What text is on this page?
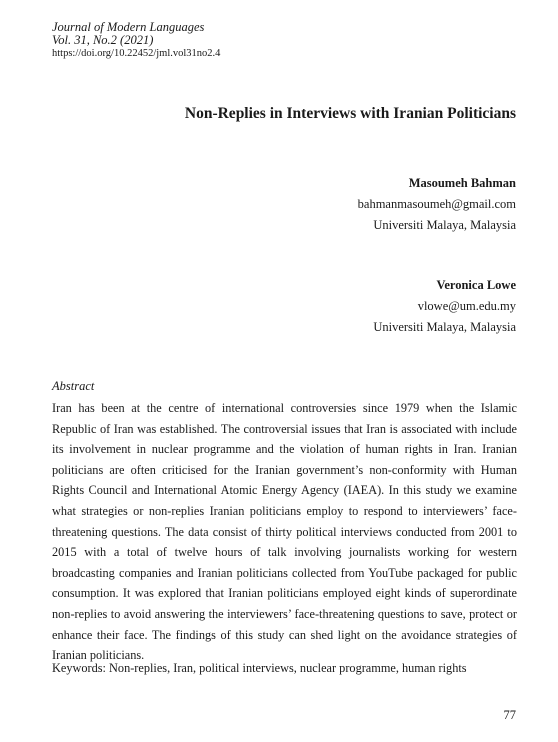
Journal of Modern Languages
Vol. 31, No.2 (2021)
https://doi.org/10.22452/jml.vol31no2.4
Non-Replies in Interviews with Iranian Politicians
Masoumeh Bahman
bahmanmasoumeh@gmail.com
Universiti Malaya, Malaysia
Veronica Lowe
vlowe@um.edu.my
Universiti Malaya, Malaysia
Abstract
Iran has been at the centre of international controversies since 1979 when the Islamic Republic of Iran was established. The controversial issues that Iran is associated with include its involvement in nuclear programme and the violation of human rights in Iran. Iranian politicians are often criticised for the Iranian government’s non-conformity with Human Rights Council and International Atomic Energy Agency (IAEA). In this study we examine what strategies or non-replies Iranian politicians employ to respond to interviewers’ face-threatening questions. The data consist of thirty political interviews conducted from 2001 to 2015 with a total of twelve hours of talk involving journalists working for western broadcasting companies and Iranian politicians collected from YouTube packaged for public consumption. It was explored that Iranian politicians employed eight kinds of superordinate non-replies to avoid answering the interviewers’ face-threatening questions to save, protect or enhance their face. The findings of this study can shed light on the avoidance strategies of Iranian politicians.
Keywords: Non-replies, Iran, political interviews, nuclear programme, human rights
77
